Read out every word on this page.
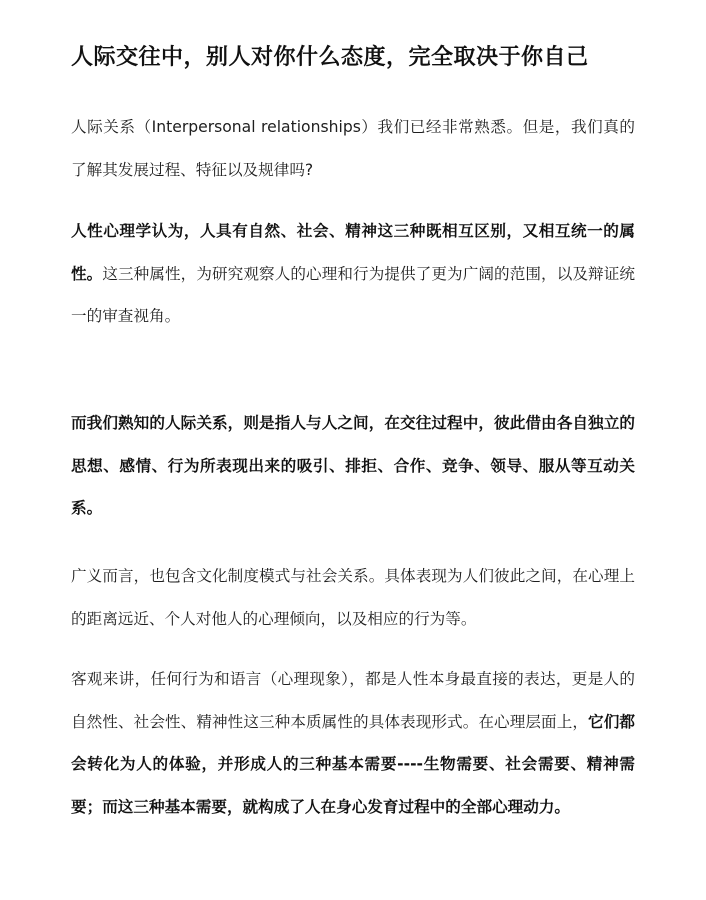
人际交往中，别人对你什么态度，完全取决于你自己

人际关系（Interpersonal relationships）我们已经非常熟悉。但是，我们真的了解其发展过程、特征以及规律吗?

人性心理学认为，人具有自然、社会、精神这三种既相互区别，又相互统一的属性。这三种属性，为研究观察人的心理和行为提供了更为广阔的范围，以及辩证统一的审查视角。

而我们熟知的人际关系，则是指人与人之间，在交往过程中，彼此借由各自独立的思想、感情、行为所表现出来的吸引、排拒、合作、竞争、领导、服从等互动关系。

广义而言，也包含文化制度模式与社会关系。具体表现为人们彼此之间，在心理上的距离远近、个人对他人的心理倾向，以及相应的行为等。

客观来讲，任何行为和语言（心理现象），都是人性本身最直接的表达，更是人的自然性、社会性、精神性这三种本质属性的具体表现形式。在心理层面上，它们都会转化为人的体验，并形成人的三种基本需要----生物需要、社会需要、精神需要；而这三种基本需要，就构成了人在身心发育过程中的全部心理动力。
